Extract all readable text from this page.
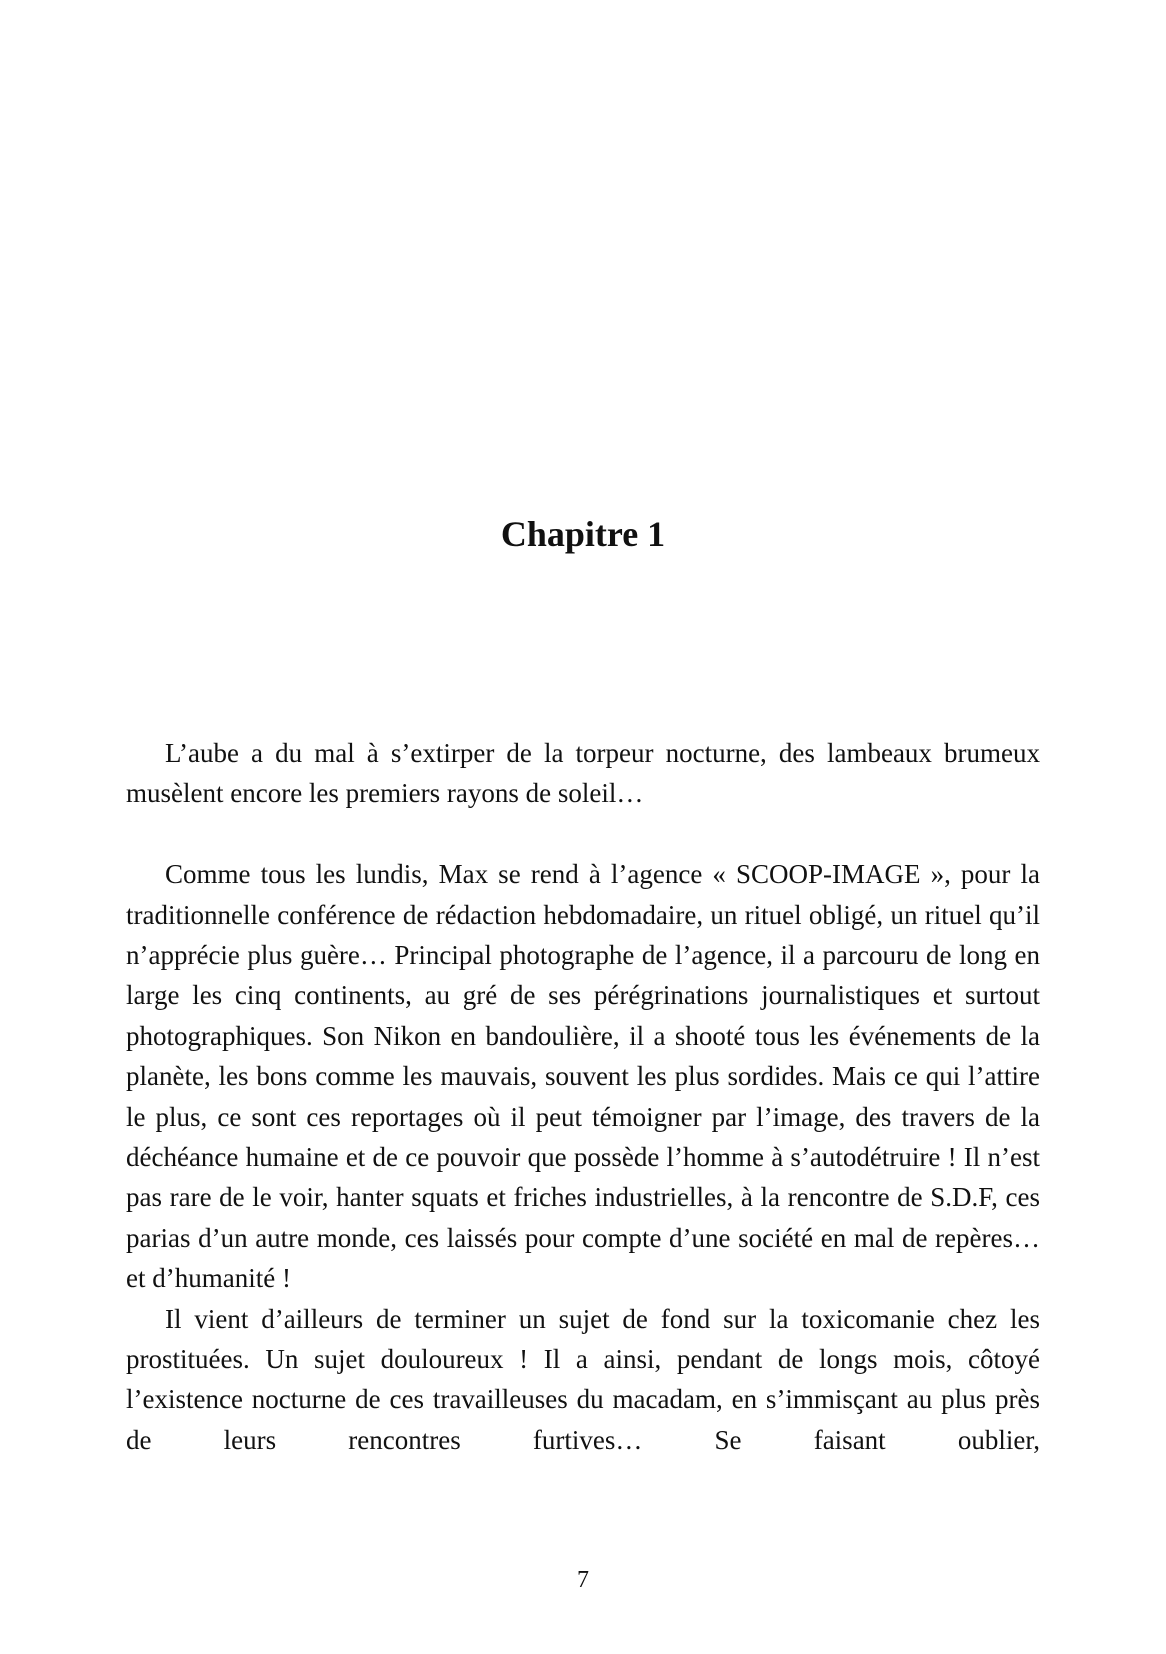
Chapitre 1

L’aube a du mal à s’extirper de la torpeur nocturne, des lambeaux brumeux musèlent encore les premiers rayons de soleil…

Comme tous les lundis, Max se rend à l’agence « SCOOP-IMAGE », pour la traditionnelle conférence de rédaction hebdomadaire, un rituel obligé, un rituel qu’il n’apprécie plus guère… Principal photographe de l’agence, il a parcouru de long en large les cinq continents, au gré de ses pérégrinations journalistiques et surtout photographiques. Son Nikon en bandoulière, il a shooté tous les événements de la planète, les bons comme les mauvais, souvent les plus sordides. Mais ce qui l’attire le plus, ce sont ces reportages où il peut témoigner par l’image, des travers de la déchéance humaine et de ce pouvoir que possède l’homme à s’autodétruire ! Il n’est pas rare de le voir, hanter squats et friches industrielles, à la rencontre de S.D.F, ces parias d’un autre monde, ces laissés pour compte d’une société en mal de repères… et d’humanité !

Il vient d’ailleurs de terminer un sujet de fond sur la toxicomanie chez les prostituées. Un sujet douloureux ! Il a ainsi, pendant de longs mois, côtoyé l’existence nocturne de ces travailleuses du macadam, en s’immisçant au plus près de leurs rencontres furtives… Se faisant oublier,

7
